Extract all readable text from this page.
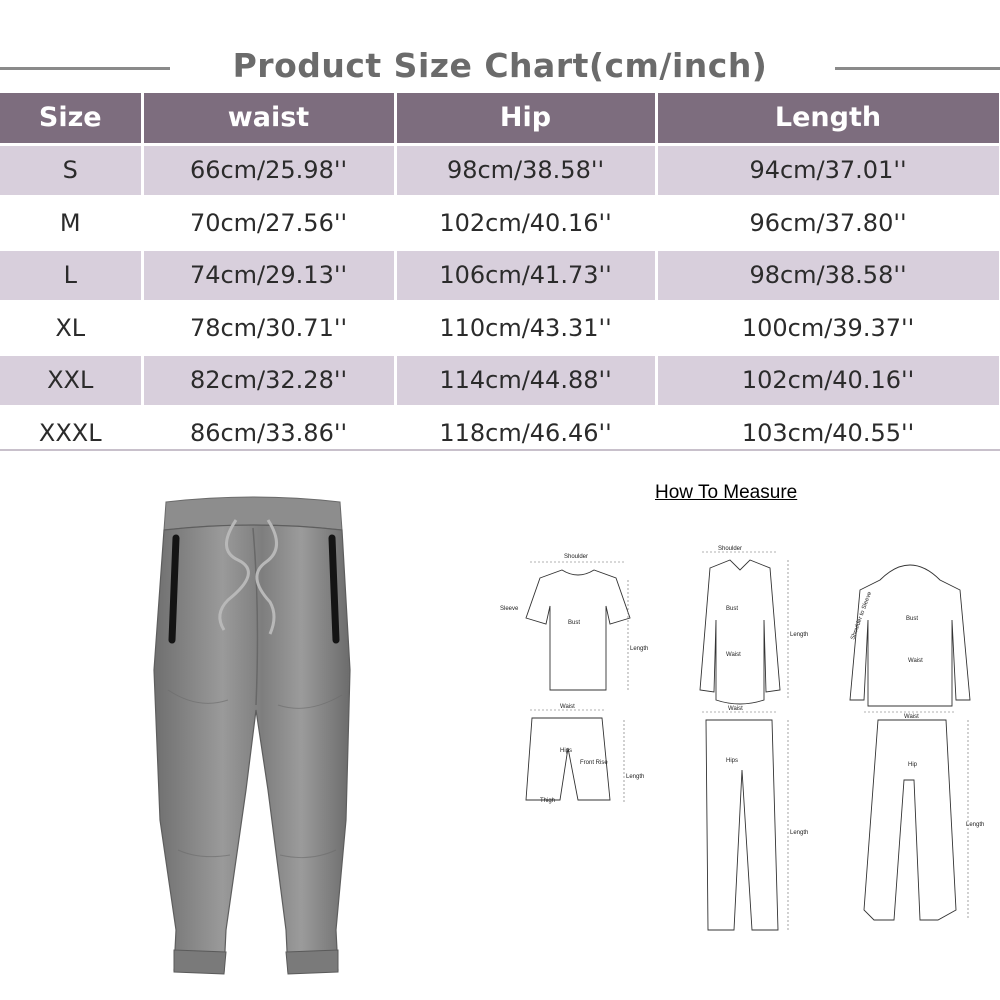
Product Size Chart(cm/inch)
Size	waist	Hip	Length
S	66cm/25.98''	98cm/38.58''	94cm/37.01''
M	70cm/27.56''	102cm/40.16''	96cm/37.80''
L	74cm/29.13''	106cm/41.73''	98cm/38.58''
XL	78cm/30.71''	110cm/43.31''	100cm/39.37''
XXL	82cm/32.28''	114cm/44.88''	102cm/40.16''
XXXL	86cm/33.86''	118cm/46.46''	103cm/40.55''
How To Measure
Shoulder
Sleeve
Bust
Length
Waist
Hips
Front Rise
Thigh
Length
Shoulder
Bust
Waist
Length
Waist
Hips
Length
Bust
Waist
Waist
Hip
Length
Shoulder to Sleeve
